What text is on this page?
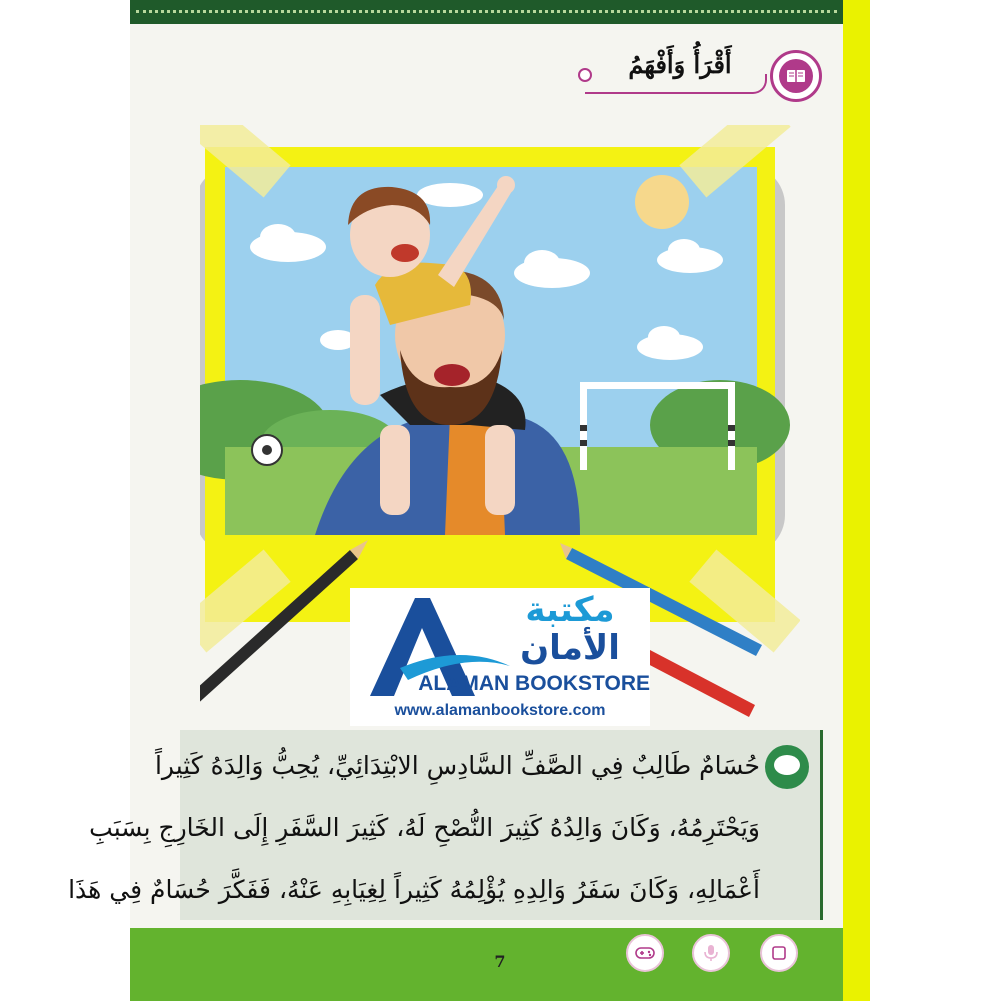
أَقْرَأُ وَأَفْهَمُ
مكتبة
الأمان
ALAMAN BOOKSTORE
www.alamanbookstore.com
حُسَامٌ طَالِبٌ فِي الصَّفِّ السَّادِسِ الابْتِدَائِيِّ، يُحِبُّ وَالِدَهُ كَثِيراً
وَيَحْتَرِمُهُ، وَكَانَ وَالِدُهُ كَثِيرَ النُّصْحِ لَهُ، كَثِيرَ السَّفَرِ إِلَى الخَارِجِ بِسَبَبِ
أَعْمَالِهِ، وَكَانَ سَفَرُ وَالِدِهِ يُؤْلِمُهُ كَثِيراً لِغِيَابِهِ عَنْهُ، فَفَكَّرَ حُسَامٌ فِي هَذَا
7
